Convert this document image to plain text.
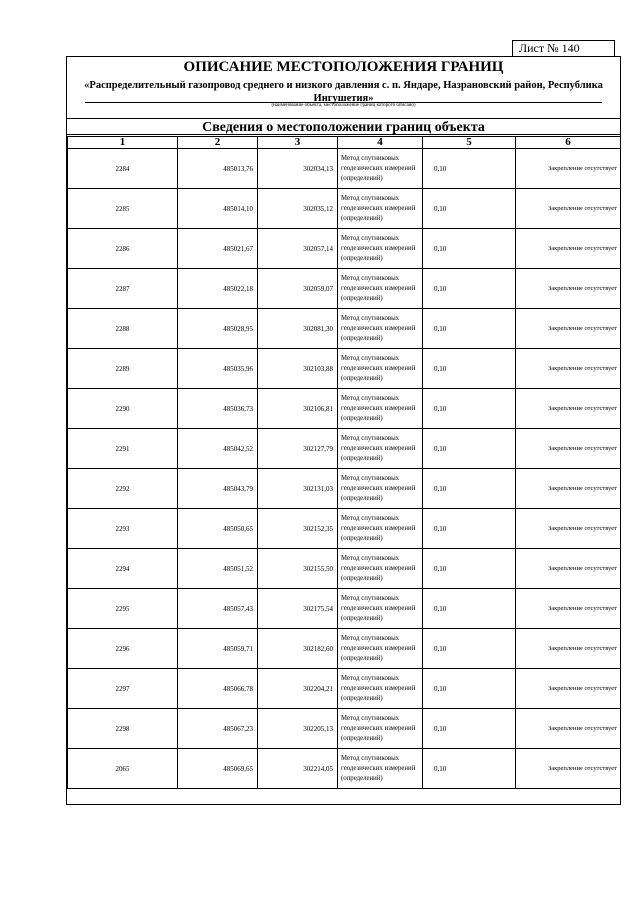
Лист № 140
ОПИСАНИЕ МЕСТОПОЛОЖЕНИЯ ГРАНИЦ
«Распределительный газопровод среднего и низкого давления с. п. Яндаре, Назрановский район, Республика Ингушетия»
(наименование объекта, местоположение границ которого описано)
Сведения о местоположении границ объекта
1	2	3	4	5	6
2284	485013,76	302034,13	Метод спутниковых геодезических измерений (определений)	0,10	Закрепление отсутствует
2285	485014,10	302035,12	Метод спутниковых геодезических измерений (определений)	0,10	Закрепление отсутствует
2286	485021,67	302057,14	Метод спутниковых геодезических измерений (определений)	0,10	Закрепление отсутствует
2287	485022,18	302059,07	Метод спутниковых геодезических измерений (определений)	0,10	Закрепление отсутствует
2288	485028,95	302081,30	Метод спутниковых геодезических измерений (определений)	0,10	Закрепление отсутствует
2289	485035,96	302103,88	Метод спутниковых геодезических измерений (определений)	0,10	Закрепление отсутствует
2290	485036,73	302106,81	Метод спутниковых геодезических измерений (определений)	0,10	Закрепление отсутствует
2291	485042,52	302127,79	Метод спутниковых геодезических измерений (определений)	0,10	Закрепление отсутствует
2292	485043,79	302131,03	Метод спутниковых геодезических измерений (определений)	0,10	Закрепление отсутствует
2293	485050,65	302152,35	Метод спутниковых геодезических измерений (определений)	0,10	Закрепление отсутствует
2294	485051,52	302155,50	Метод спутниковых геодезических измерений (определений)	0,10	Закрепление отсутствует
2295	485057,43	302175,54	Метод спутниковых геодезических измерений (определений)	0,10	Закрепление отсутствует
2296	485059,71	302182,60	Метод спутниковых геодезических измерений (определений)	0,10	Закрепление отсутствует
2297	485066,78	302204,21	Метод спутниковых геодезических измерений (определений)	0,10	Закрепление отсутствует
2298	485067,23	302205,13	Метод спутниковых геодезических измерений (определений)	0,10	Закрепление отсутствует
2065	485069,65	302214,05	Метод спутниковых геодезических измерений (определений)	0,10	Закрепление отсутствует
